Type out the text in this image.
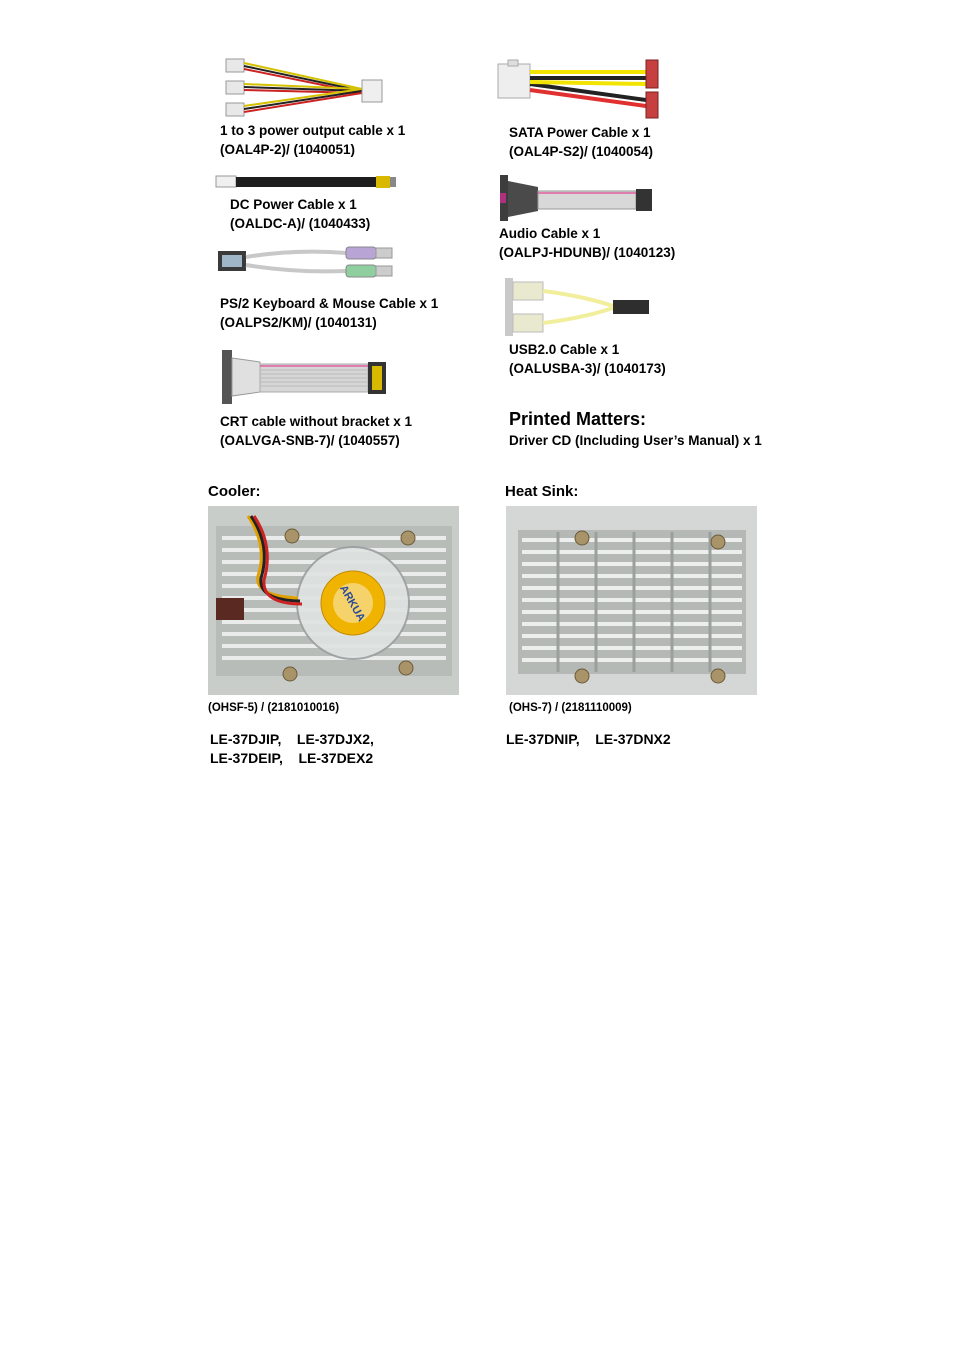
1 to 3 power output cable x 1
(OAL4P-2)/ (1040051)
SATA Power Cable x 1
(OAL4P-S2)/ (1040054)
DC Power Cable x 1
(OALDC-A)/ (1040433)
Audio Cable x 1
(OALPJ-HDUNB)/ (1040123)
PS/2 Keyboard & Mouse Cable x 1
(OALPS2/KM)/ (1040131)
USB2.0 Cable x 1
(OALUSBA-3)/ (1040173)
CRT cable without bracket x 1
(OALVGA-SNB-7)/ (1040557)
Printed Matters:
Driver CD (Including User’s Manual) x 1
Cooler:
ARKUA
(OHSF-5) / (2181010016)
LE-37DJIP,    LE-37DJX2,
LE-37DEIP,    LE-37DEX2
Heat Sink:
(OHS-7) / (2181110009)
LE-37DNIP,    LE-37DNX2
